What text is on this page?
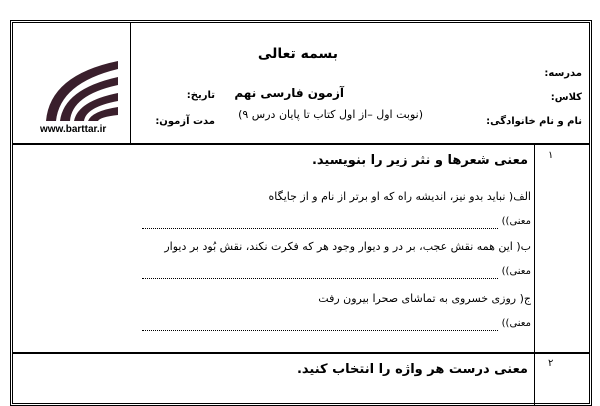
www.barttar.ir
بسمه تعالی
مدرسه:
کلاس:
نام و نام خانوادگی:
آزمون فارسی نهم
(نوبت اول –از اول کتاب تا پایان درس ۹)
تاریخ:
مدت آزمون:
۱
معنی شعرها و نثر زیر را بنویسید.
الف( نباید بدو نیز، اندیشه راه که او برتر از نام و از جایگاه
معنی))
ب( این همه نقش عجب، بر در و دیوار وجود هر که فکرت نکند، نقش بُود بر دیوار
معنی))
ج( روزی خسروی به تماشای صحرا بیرون رفت
معنی))
۲
معنی درست هر واژه را انتخاب کنید.
